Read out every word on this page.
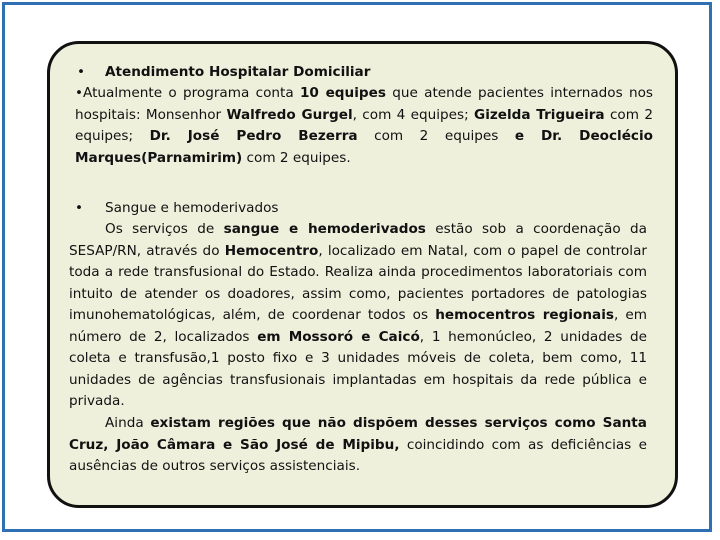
• Atendimento Hospitalar Domiciliar
•Atualmente o programa conta 10 equipes que atende pacientes internados nos hospitais: Monsenhor Walfredo Gurgel, com 4 equipes; Gizelda Trigueira com 2 equipes; Dr. José Pedro Bezerra com 2 equipes e Dr. Deoclécio Marques(Parnamirim) com 2 equipes.
• Sangue e hemoderivados
Os serviços de sangue e hemoderivados estão sob a coordenação da SESAP/RN, através do Hemocentro, localizado em Natal, com o papel de controlar toda a rede transfusional do Estado. Realiza ainda procedimentos laboratoriais com intuito de atender os doadores, assim como, pacientes portadores de patologias imunohematológicas, além, de coordenar todos os hemocentros regionais, em número de 2, localizados em Mossoró e Caicó, 1 hemonúcleo, 2 unidades de coleta e transfusão,1 posto fixo e 3 unidades móveis de coleta, bem como, 11 unidades de agências transfusionais implantadas em hospitais da rede pública e privada.
Ainda existam regiões que não dispõem desses serviços como Santa Cruz, João Câmara e São José de Mipibu, coincidindo com as deficiências e ausências de outros serviços assistenciais.
